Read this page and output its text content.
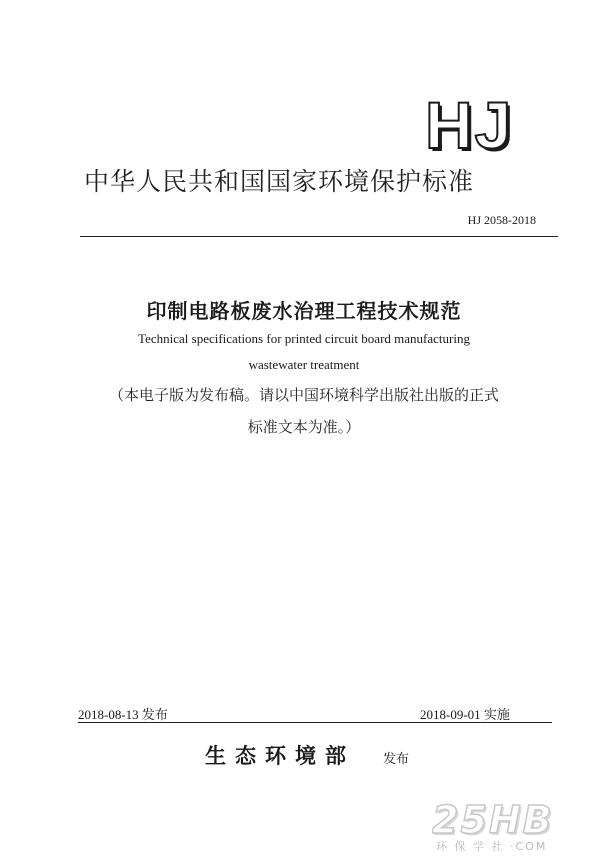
HJ
中华人民共和国国家环境保护标准
HJ 2058-2018
印制电路板废水治理工程技术规范
Technical specifications for printed circuit board manufacturing
wastewater treatment
（本电子版为发布稿。请以中国环境科学出版社出版的正式
标准文本为准。）
2018-08-13 发布	2018-09-01 实施
生态环境部 发布
25HB
环 保 学 社 ·COM
